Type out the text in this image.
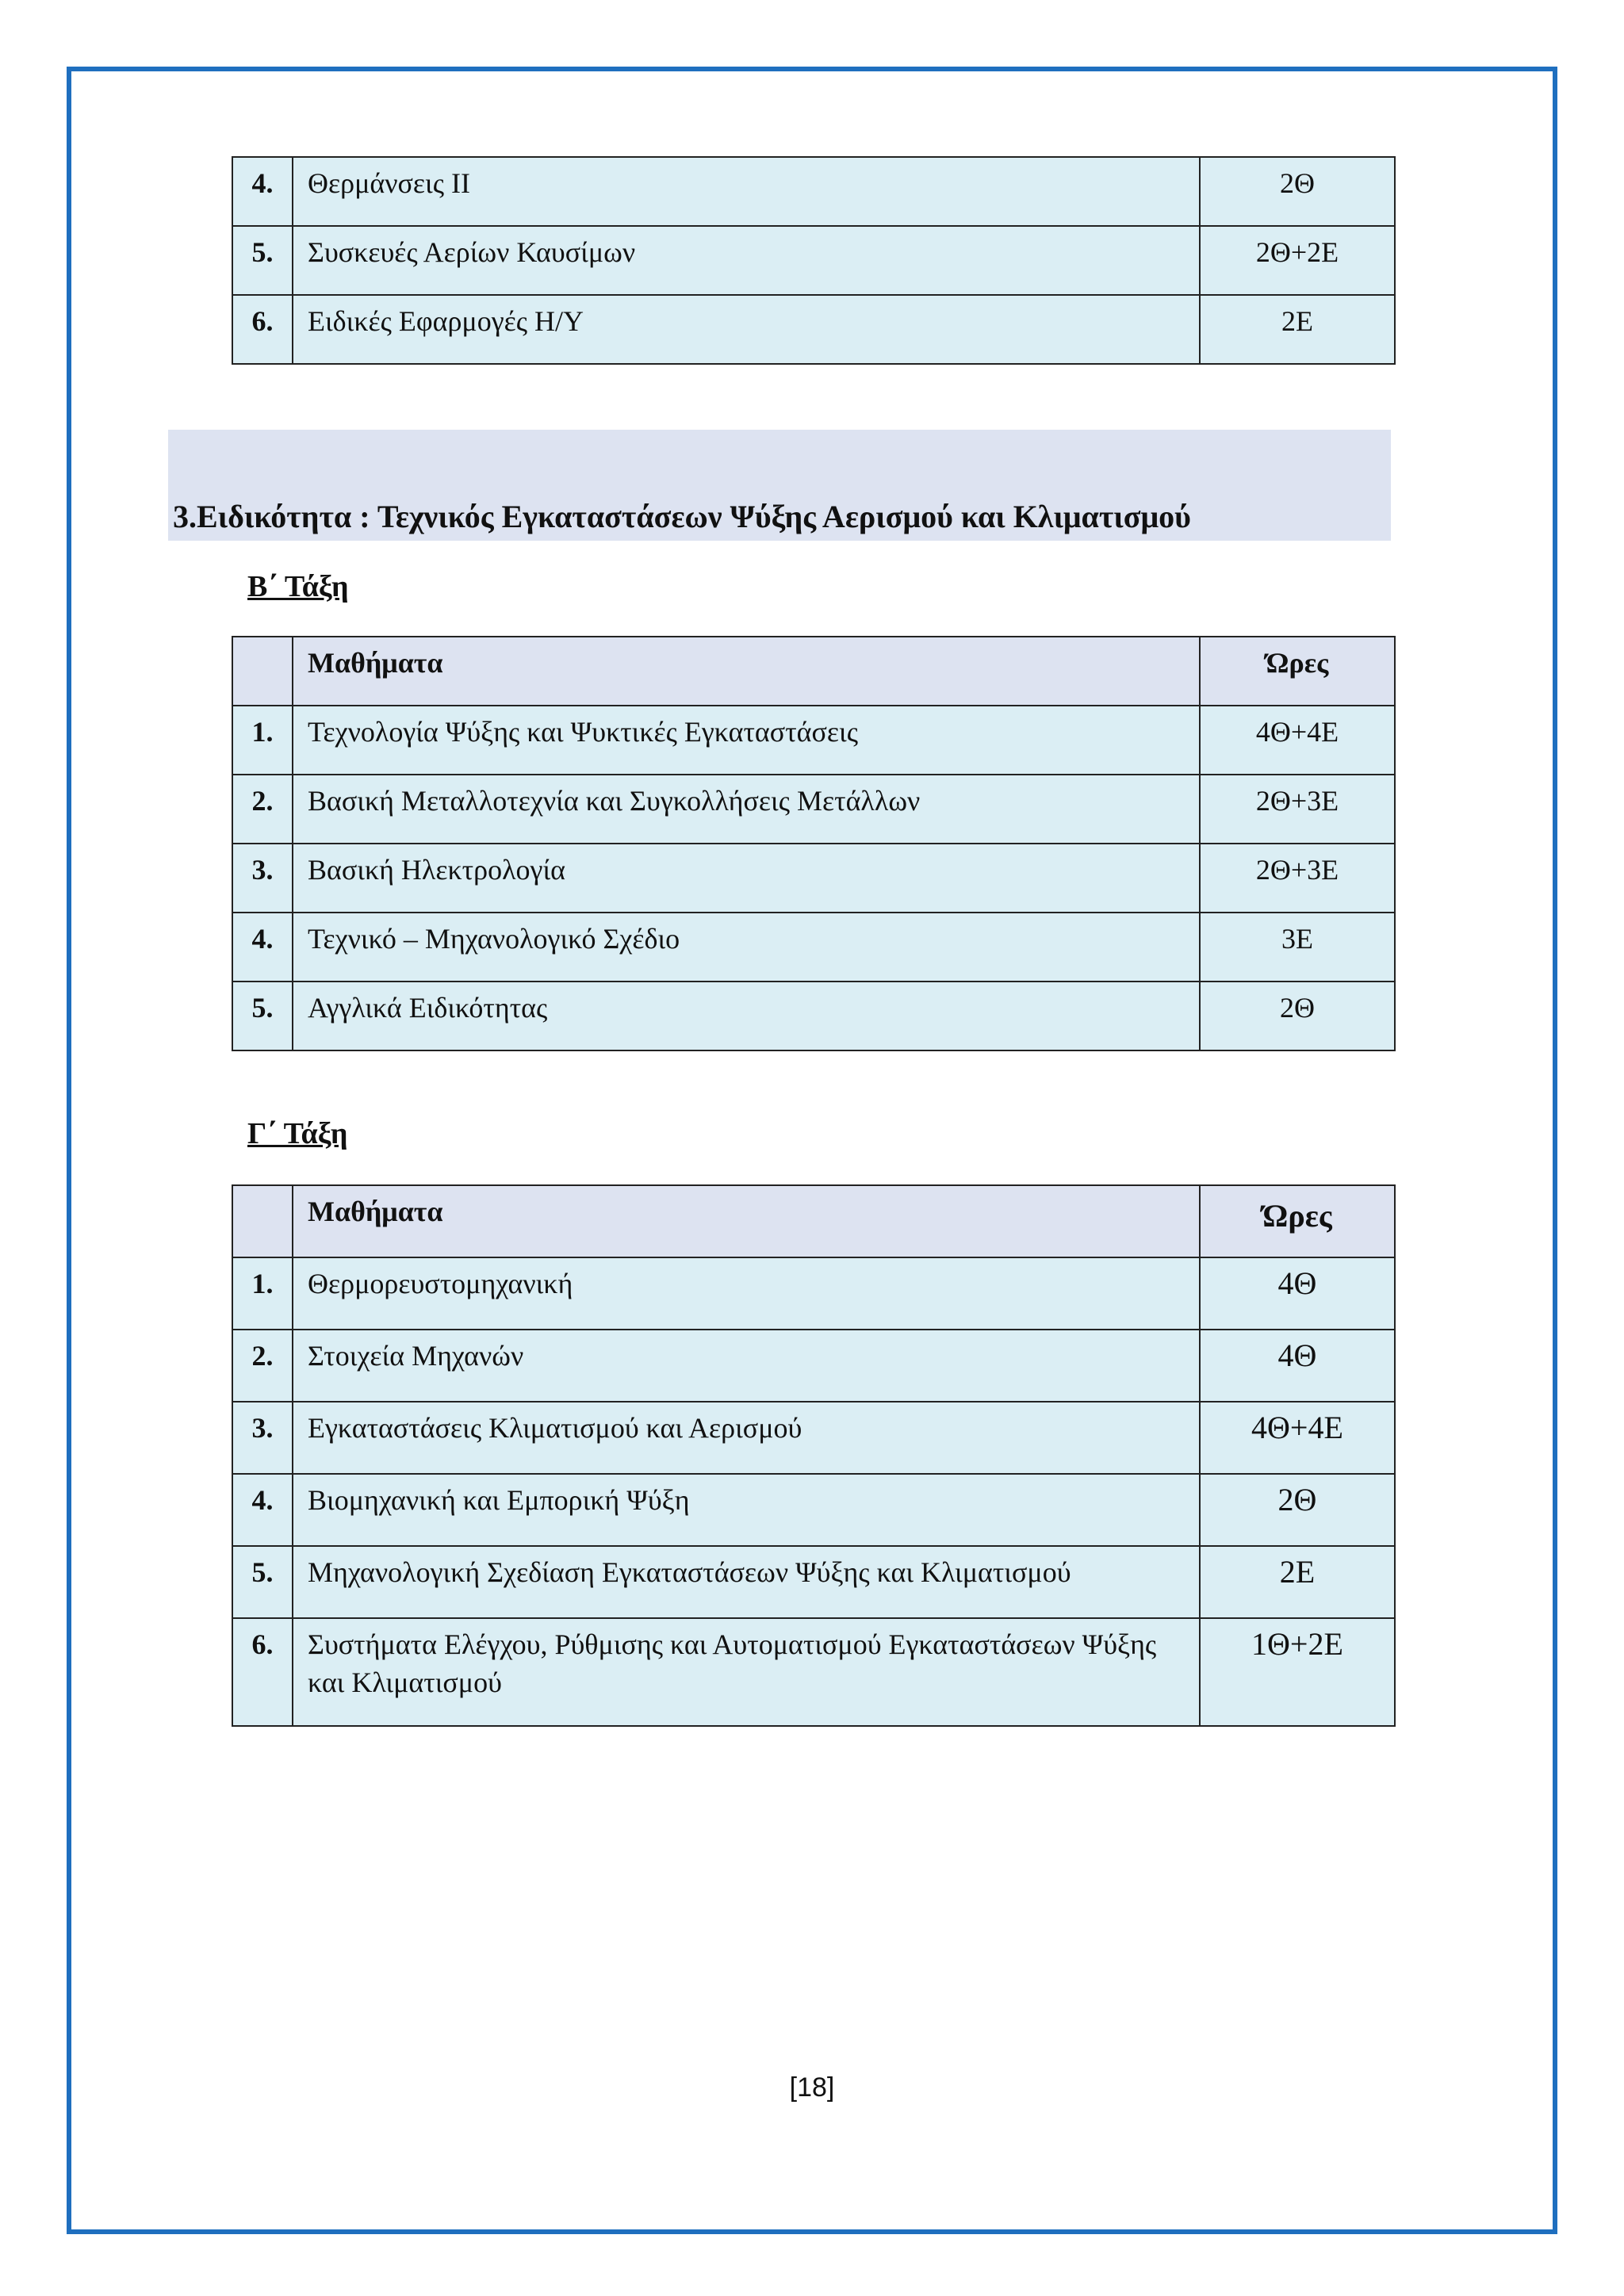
4.	Θερμάνσεις ΙΙ	2Θ
5.	Συσκευές Αερίων Καυσίμων	2Θ+2Ε
6.	Ειδικές Εφαρμογές Η/Υ	2Ε
3.Ειδικότητα : Τεχνικός Εγκαταστάσεων Ψύξης Αερισμού και Κλιματισμού
Β΄ Τάξη
	Μαθήματα	Ώρες
1.	Τεχνολογία Ψύξης και Ψυκτικές Εγκαταστάσεις	4Θ+4Ε
2.	Βασική Μεταλλοτεχνία και Συγκολλήσεις Μετάλλων	2Θ+3Ε
3.	Βασική Ηλεκτρολογία	2Θ+3Ε
4.	Τεχνικό – Μηχανολογικό Σχέδιο	3Ε
5.	Αγγλικά Ειδικότητας	2Θ
Γ΄ Τάξη
	Μαθήματα	Ώρες
1.	Θερμορευστομηχανική	4Θ
2.	Στοιχεία Μηχανών	4Θ
3.	Εγκαταστάσεις Κλιματισμού και Αερισμού	4Θ+4Ε
4.	Βιομηχανική και Εμπορική Ψύξη	2Θ
5.	Μηχανολογική Σχεδίαση Εγκαταστάσεων Ψύξης και Κλιματισμού	2Ε
6.	Συστήματα Ελέγχου, Ρύθμισης και Αυτοματισμού Εγκαταστάσεων Ψύξης και Κλιματισμού	1Θ+2Ε
[18]
